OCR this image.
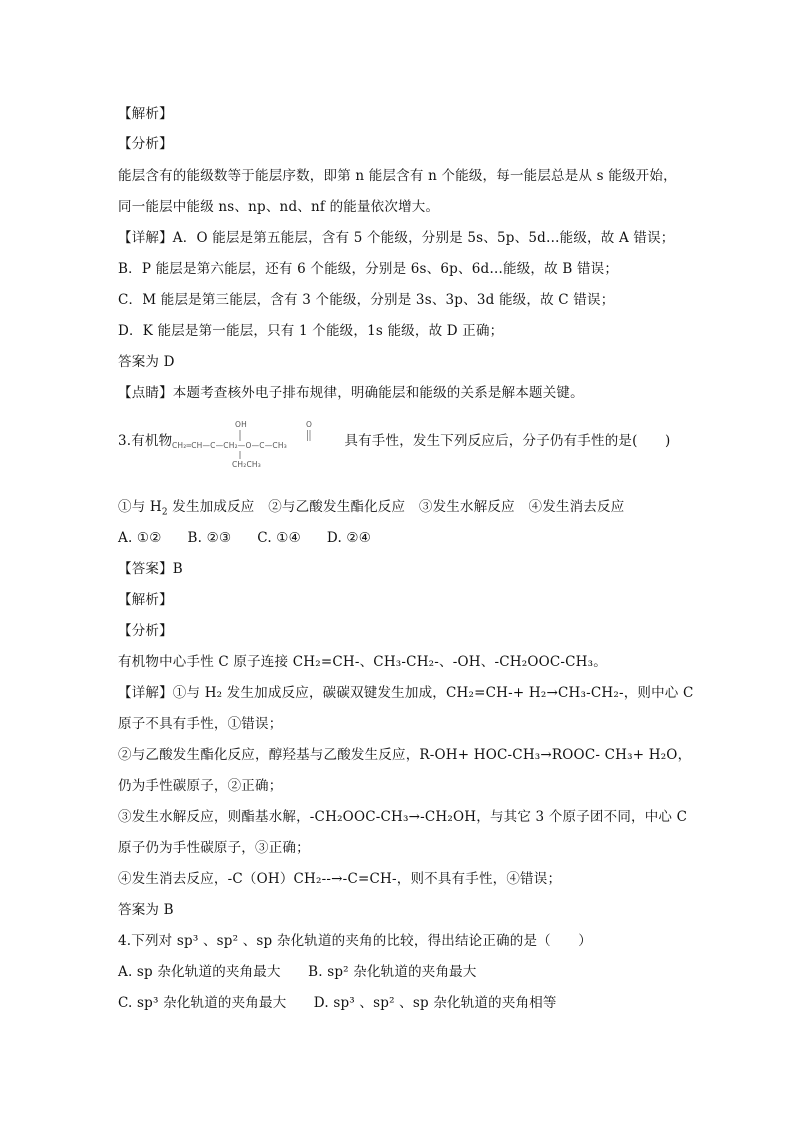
【解析】
【分析】
能层含有的能级数等于能层序数，即第 n 能层含有 n 个能级，每一能层总是从 s 能级开始，
同一能层中能级 ns、np、nd、nf 的能量依次增大。
【详解】A．O 能层是第五能层，含有 5 个能级，分别是 5s、5p、5d…能级，故 A 错误；
B．P 能层是第六能层，还有 6 个能级，分别是 6s、6p、6d…能级，故 B 错误；
C．M 能层是第三能层，含有 3 个能级，分别是 3s、3p、3d 能级，故 C 错误；
D．K 能层是第一能层，只有 1 个能级，1s 能级，故 D 正确；
答案为 D
【点睛】本题考查核外电子排布规律，明确能层和能级的关系是解本题关键。
3.有机物
OH	O
CH₂═CH—C—CH₂—O—C—CH₃
CH₂CH₃
具有手性，发生下列反应后，分子仍有手性的是(　　)
①与 $H_2$ 发生加成反应　②与乙酸发生酯化反应　③发生水解反应　④发生消去反应
A. ①② B. ②③ C. ①④ D. ②④
【答案】B
【解析】
【分析】
有机物中心手性 C 原子连接 CH₂=CH-、CH₃-CH₂-、-OH、-CH₂OOC-CH₃。
【详解】①与 H₂ 发生加成反应，碳碳双键发生加成，CH₂=CH-+ H₂→CH₃-CH₂-，则中心 C
原子不具有手性，①错误；
②与乙酸发生酯化反应，醇羟基与乙酸发生反应，R-OH+ HOC-CH₃→ROOC- CH₃+ H₂O，
仍为手性碳原子，②正确；
③发生水解反应，则酯基水解，-CH₂OOC-CH₃→-CH₂OH，与其它 3 个原子团不同，中心 C
原子仍为手性碳原子，③正确；
④发生消去反应，-C（OH）CH₂--→-C=CH-，则不具有手性，④错误；
答案为 B
4.下列对 sp³ 、sp² 、sp 杂化轨道的夹角的比较，得出结论正确的是（　　）
A. sp 杂化轨道的夹角最大　　B. sp² 杂化轨道的夹角最大
C. sp³ 杂化轨道的夹角最大　　D. sp³ 、sp² 、sp 杂化轨道的夹角相等
